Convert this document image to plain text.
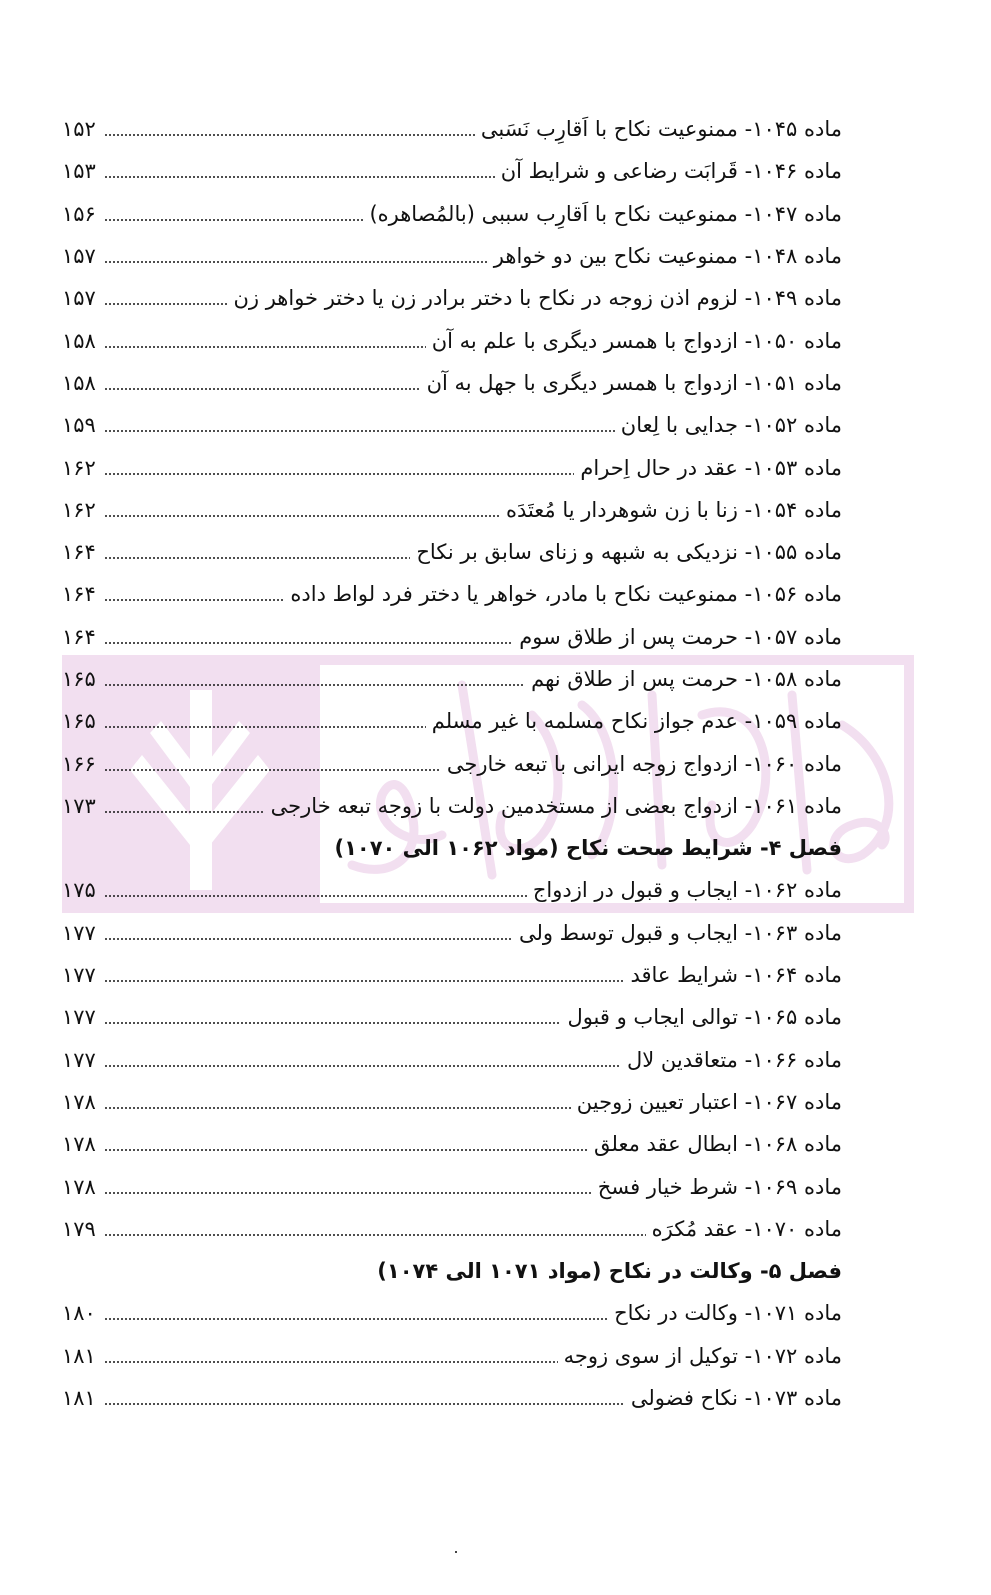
ماده ۱۰۴۵- ممنوعیت نکاح با اَقارِب نَسَبی
۱۵۲
ماده ۱۰۴۶- قَرابَت رضاعی و شرایط آن
۱۵۳
ماده ۱۰۴۷- ممنوعیت نکاح با اَقارِب سببی (بالمُصاهره)
۱۵۶
ماده ۱۰۴۸- ممنوعیت نکاح بین دو خواهر
۱۵۷
ماده ۱۰۴۹- لزوم اذن زوجه در نکاح با دختر برادر زن یا دختر خواهر زن
۱۵۷
ماده ۱۰۵۰- ازدواج با همسر دیگری با علم به آن
۱۵۸
ماده ۱۰۵۱- ازدواج با همسر دیگری با جهل به آن
۱۵۸
ماده ۱۰۵۲- جدایی با لِعان
۱۵۹
ماده ۱۰۵۳- عقد در حال اِحرام
۱۶۲
ماده ۱۰۵۴- زنا با زن شوهردار یا مُعتَدَه
۱۶۲
ماده ۱۰۵۵- نزدیکی به شبهه و زنای سابق بر نکاح
۱۶۴
ماده ۱۰۵۶- ممنوعیت نکاح با مادر، خواهر یا دختر فرد لواط داده
۱۶۴
ماده ۱۰۵۷- حرمت پس از طلاق سوم
۱۶۴
ماده ۱۰۵۸- حرمت پس از طلاق نهم
۱۶۵
ماده ۱۰۵۹- عدم جواز نکاح مسلمه با غیر مسلم
۱۶۵
ماده ۱۰۶۰- ازدواج زوجه ایرانی با تبعه خارجی
۱۶۶
ماده ۱۰۶۱- ازدواج بعضی از مستخدمین دولت با زوجه تبعه خارجی
۱۷۳
فصل ۴- شرایط صحت نکاح (مواد ۱۰۶۲ الی ۱۰۷۰)
ماده ۱۰۶۲- ایجاب و قبول در ازدواج
۱۷۵
ماده ۱۰۶۳- ایجاب و قبول توسط ولی
۱۷۷
ماده ۱۰۶۴- شرایط عاقد
۱۷۷
ماده ۱۰۶۵- توالی ایجاب و قبول
۱۷۷
ماده ۱۰۶۶- متعاقدین لال
۱۷۷
ماده ۱۰۶۷- اعتبار تعیین زوجین
۱۷۸
ماده ۱۰۶۸- ابطال عقد معلق
۱۷۸
ماده ۱۰۶۹- شرط خیار فسخ
۱۷۸
ماده ۱۰۷۰- عقد مُکرَه
۱۷۹
فصل ۵- وکالت در نکاح (مواد ۱۰۷۱ الی ۱۰۷۴)
ماده ۱۰۷۱- وکالت در نکاح
۱۸۰
ماده ۱۰۷۲- توکیل از سوی زوجه
۱۸۱
ماده ۱۰۷۳- نکاح فضولی
۱۸۱
